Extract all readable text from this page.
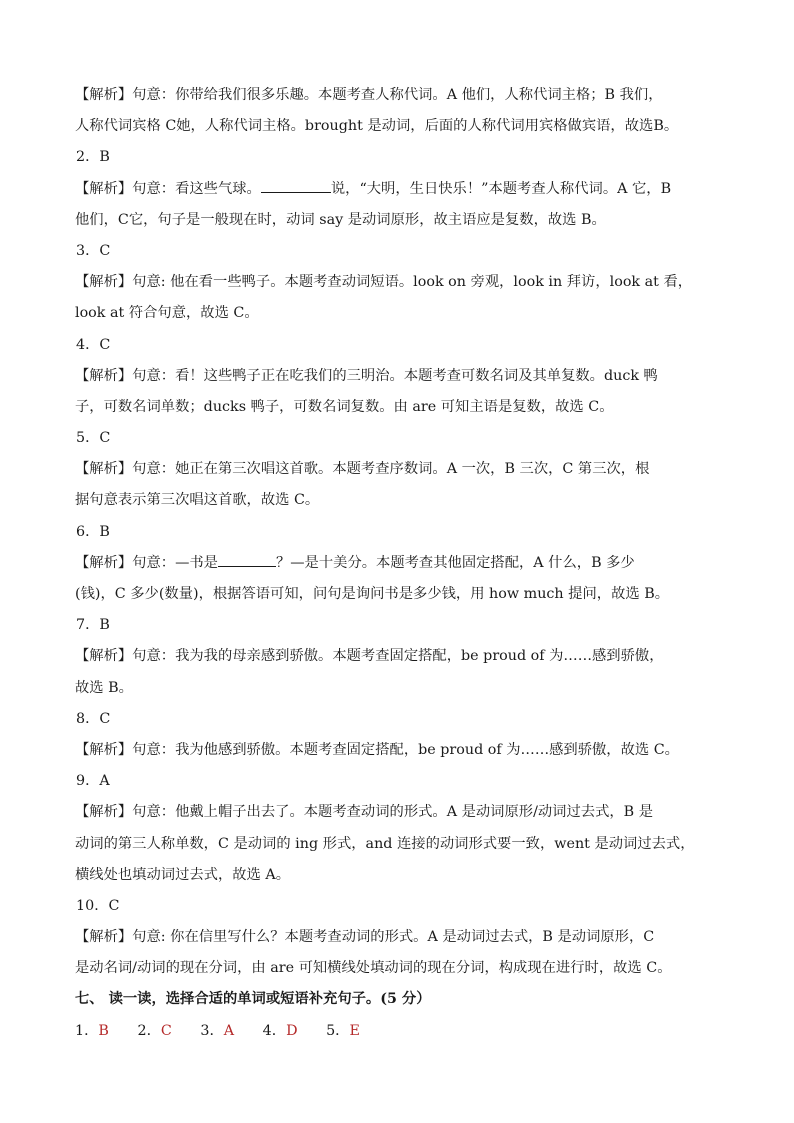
【解析】句意：你带给我们很多乐趣。本题考查人称代词。A 他们，人称代词主格；B 我们，
人称代词宾格 C她，人称代词主格。brought 是动词，后面的人称代词用宾格做宾语，故选B。
2．B
【解析】句意：看这些气球。	说，“大明，生日快乐！”本题考查人称代词。A 它，B
他们，C它，句子是一般现在时，动词 say 是动词原形，故主语应是复数，故选 B。
3．C
【解析】句意: 他在看一些鸭子。本题考查动词短语。look on 旁观，look in 拜访，look at 看，
look at 符合句意，故选 C。
4．C
【解析】句意：看！这些鸭子正在吃我们的三明治。本题考查可数名词及其单复数。duck 鸭
子，可数名词单数；ducks 鸭子，可数名词复数。由 are 可知主语是复数，故选 C。
5．C
【解析】句意：她正在第三次唱这首歌。本题考查序数词。A 一次，B 三次，C 第三次，根
据句意表示第三次唱这首歌，故选 C。
6．B
【解析】句意：—书是	？—是十美分。本题考查其他固定搭配，A 什么，B 多少
(钱)，C 多少(数量)，根据答语可知，问句是询问书是多少钱，用 how much 提问，故选 B。
7．B
【解析】句意：我为我的母亲感到骄傲。本题考查固定搭配，be proud of 为……感到骄傲，
故选 B。
8．C
【解析】句意：我为他感到骄傲。本题考查固定搭配，be proud of 为……感到骄傲，故选 C。
9．A
【解析】句意：他戴上帽子出去了。本题考查动词的形式。A 是动词原形/动词过去式，B 是
动词的第三人称单数，C 是动词的 ing 形式，and 连接的动词形式要一致，went 是动词过去式，
横线处也填动词过去式，故选 A。
10．C
【解析】句意: 你在信里写什么？本题考查动词的形式。A 是动词过去式，B 是动词原形，C
是动名词/动词的现在分词，由 are 可知横线处填动词的现在分词，构成现在进行时，故选 C。
七、 读一读，选择合适的单词或短语补充句子。(5 分）
1．B 2．C 3．A 4．D 5．E
